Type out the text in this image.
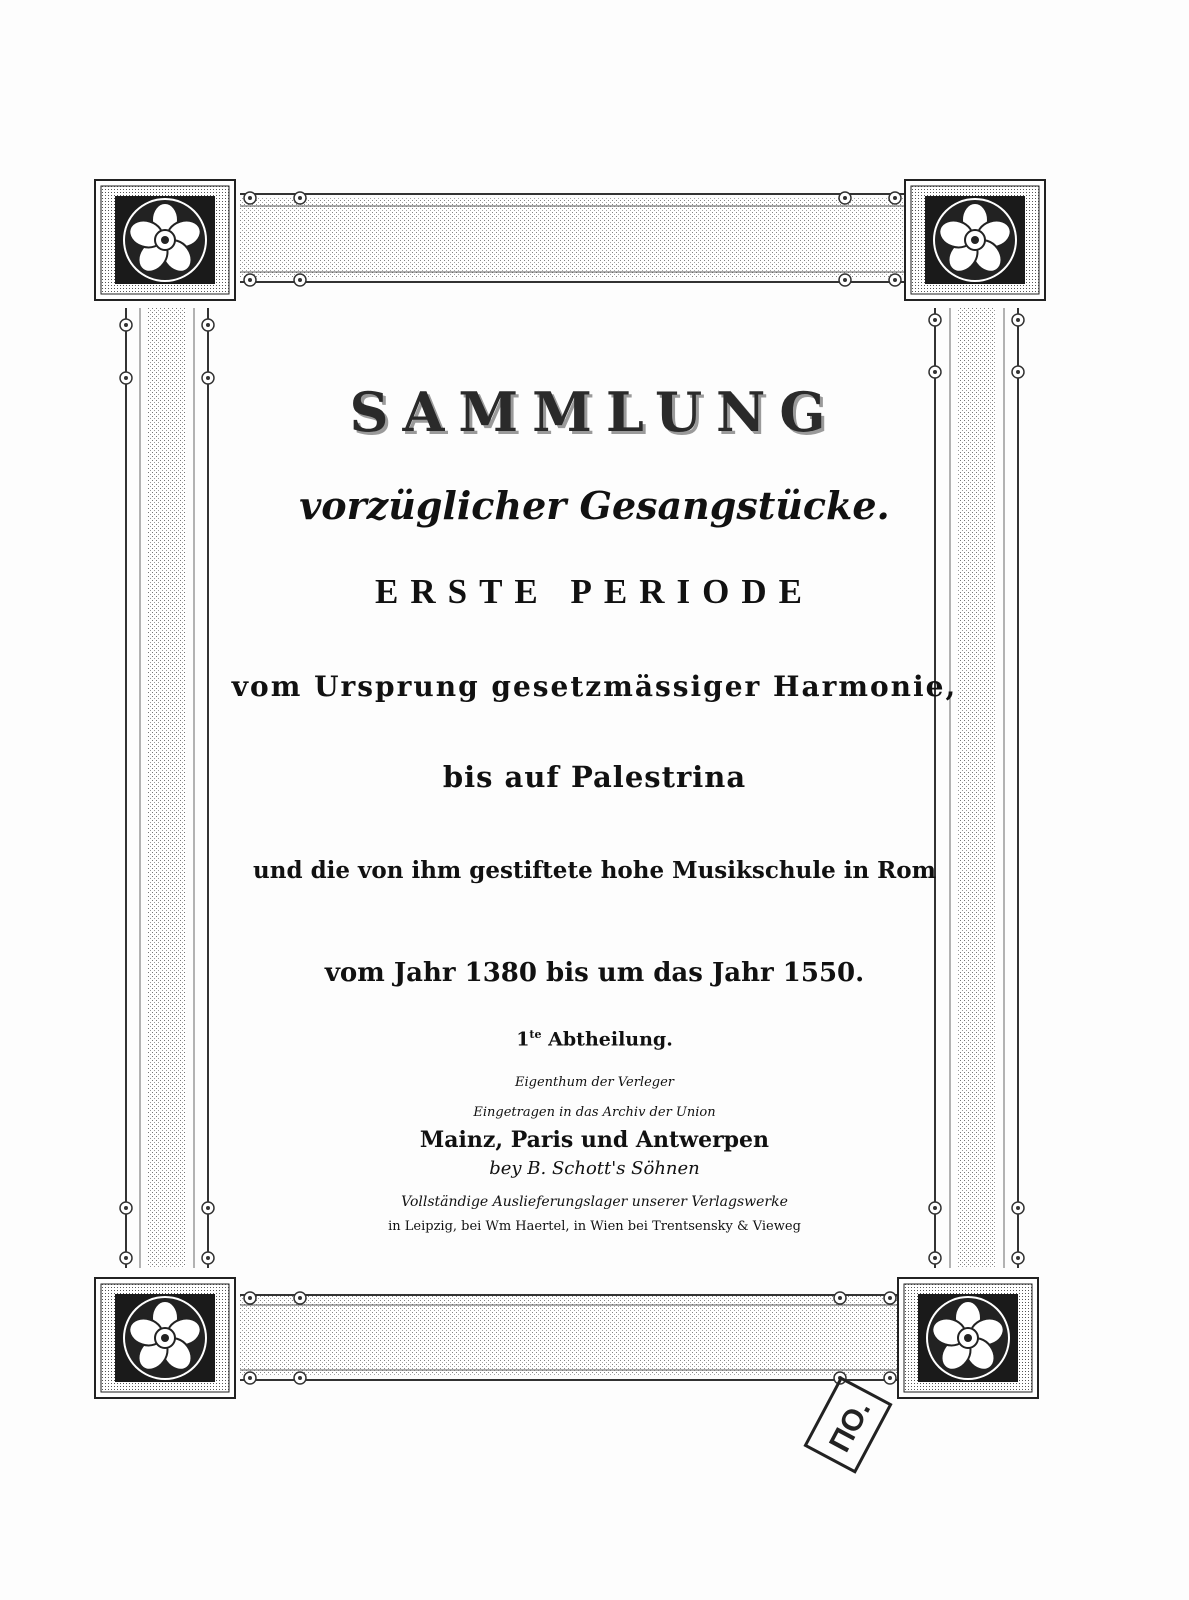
ПО.
SAMMLUNG
vorzüglicher Gesangstücke.
ERSTE PERIODE
vom Ursprung gesetzmässiger Harmonie,
bis auf Palestrina
und die von ihm gestiftete hohe Musikschule in Rom
vom Jahr 1380 bis um das Jahr 1550.
$1^{te}$ Abtheilung.
Eigenthum der Verleger
Eingetragen in das Archiv der Union
Mainz, Paris und Antwerpen
bey B. Schott's Söhnen
Vollständige Auslieferungslager unserer Verlagswerke
in Leipzig, bei Wm Haertel, in Wien bei Trentsensky & Vieweg
